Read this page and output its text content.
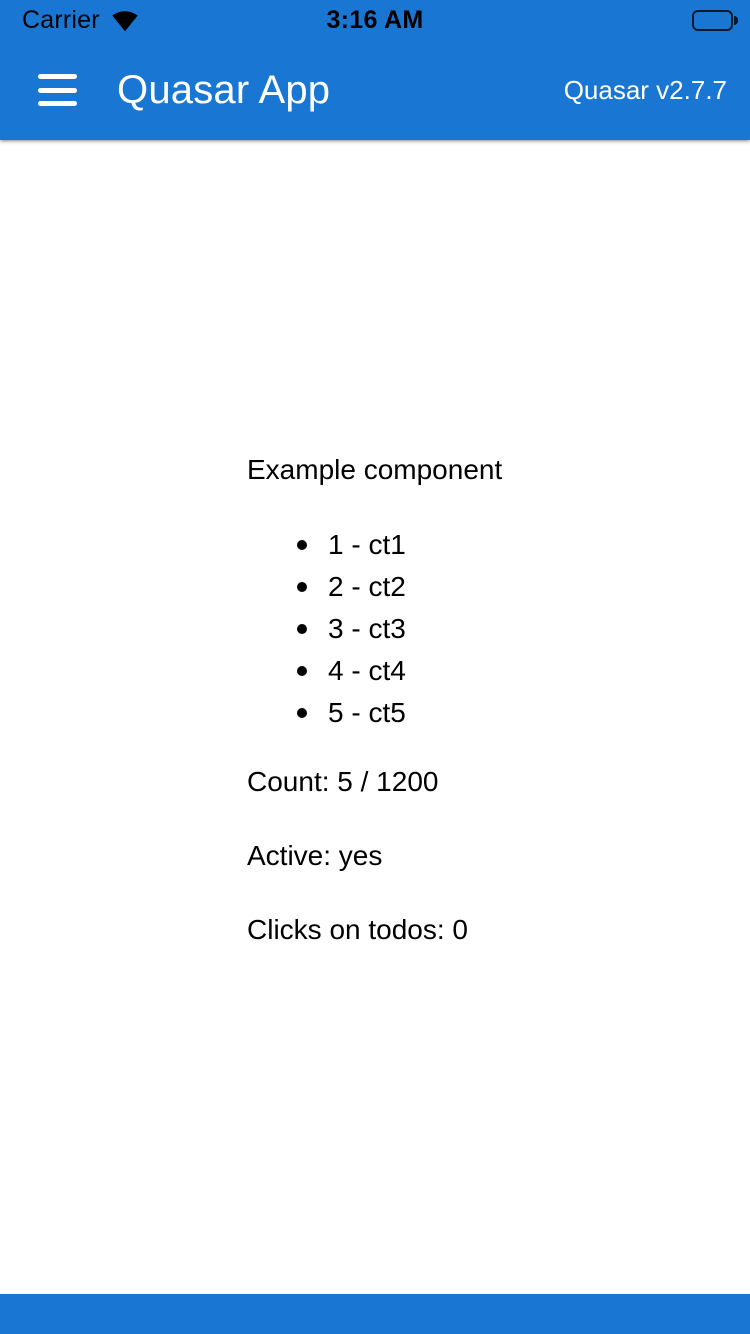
Carrier	3:16 AM
Quasar App	Quasar v2.7.7
Example component
1 - ct1
2 - ct2
3 - ct3
4 - ct4
5 - ct5

Count: 5 / 1200

Active: yes

Clicks on todos: 0
